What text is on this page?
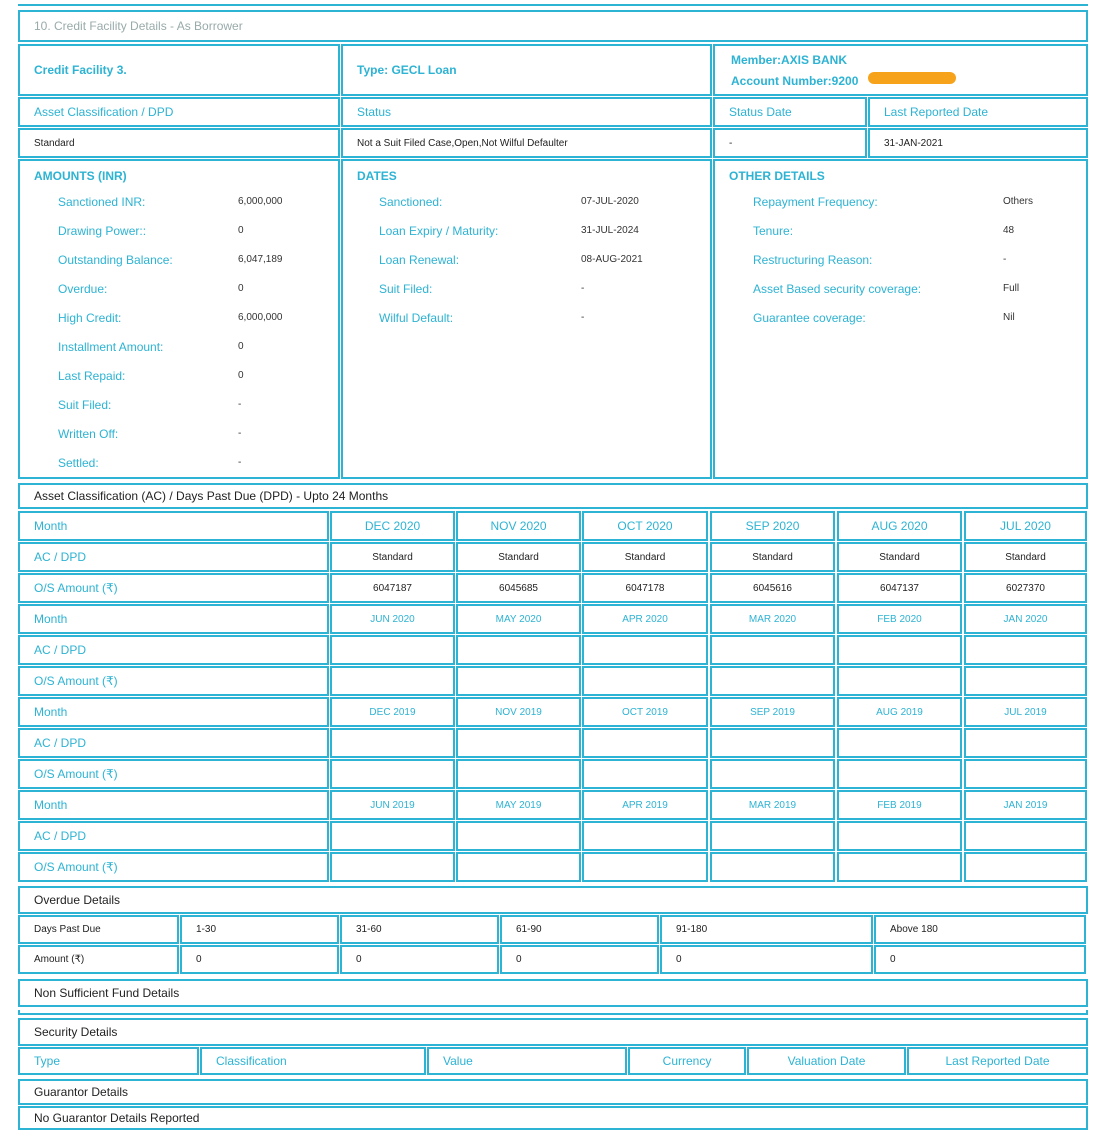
10. Credit Facility Details - As Borrower
Credit Facility 3.	Type: GECL Loan
Member:AXIS BANK
Account Number:9200
Asset Classification / DPD	Status	Status Date	Last Reported Date
Standard	Not a Suit Filed Case,Open,Not Wilful Defaulter	-	31-JAN-2021
AMOUNTS (INR)
Sanctioned INR:	6,000,000
Drawing Power::	0
Outstanding Balance:	6,047,189
Overdue:	0
High Credit:	6,000,000
Installment Amount:	0
Last Repaid:	0
Suit Filed:	-
Written Off:	-
Settled:	-
DATES
Sanctioned:	07-JUL-2020
Loan Expiry / Maturity:	31-JUL-2024
Loan Renewal:	08-AUG-2021
Suit Filed:	-
Wilful Default:	-
OTHER DETAILS
Repayment Frequency:	Others
Tenure:	48
Restructuring Reason:	-
Asset Based security coverage:	Full
Guarantee coverage:	Nil
Asset Classification (AC) / Days Past Due (DPD) - Upto 24 Months
Month	DEC 2020	NOV 2020	OCT 2020	SEP 2020	AUG 2020	JUL 2020
AC / DPD	Standard	Standard	Standard	Standard	Standard	Standard
O/S Amount (₹)	6047187	6045685	6047178	6045616	6047137	6027370
Month	JUN 2020	MAY 2020	APR 2020	MAR 2020	FEB 2020	JAN 2020
AC / DPD
O/S Amount (₹)
Month	DEC 2019	NOV 2019	OCT 2019	SEP 2019	AUG 2019	JUL 2019
AC / DPD
O/S Amount (₹)
Month	JUN 2019	MAY 2019	APR 2019	MAR 2019	FEB 2019	JAN 2019
AC / DPD
O/S Amount (₹)
Overdue Details
Days Past Due	1-30	31-60	61-90	91-180	Above 180
Amount (₹)	0	0	0	0	0
Non Sufficient Fund Details
Security Details
Type	Classification	Value	Currency	Valuation Date	Last Reported Date
Guarantor Details
No Guarantor Details Reported
